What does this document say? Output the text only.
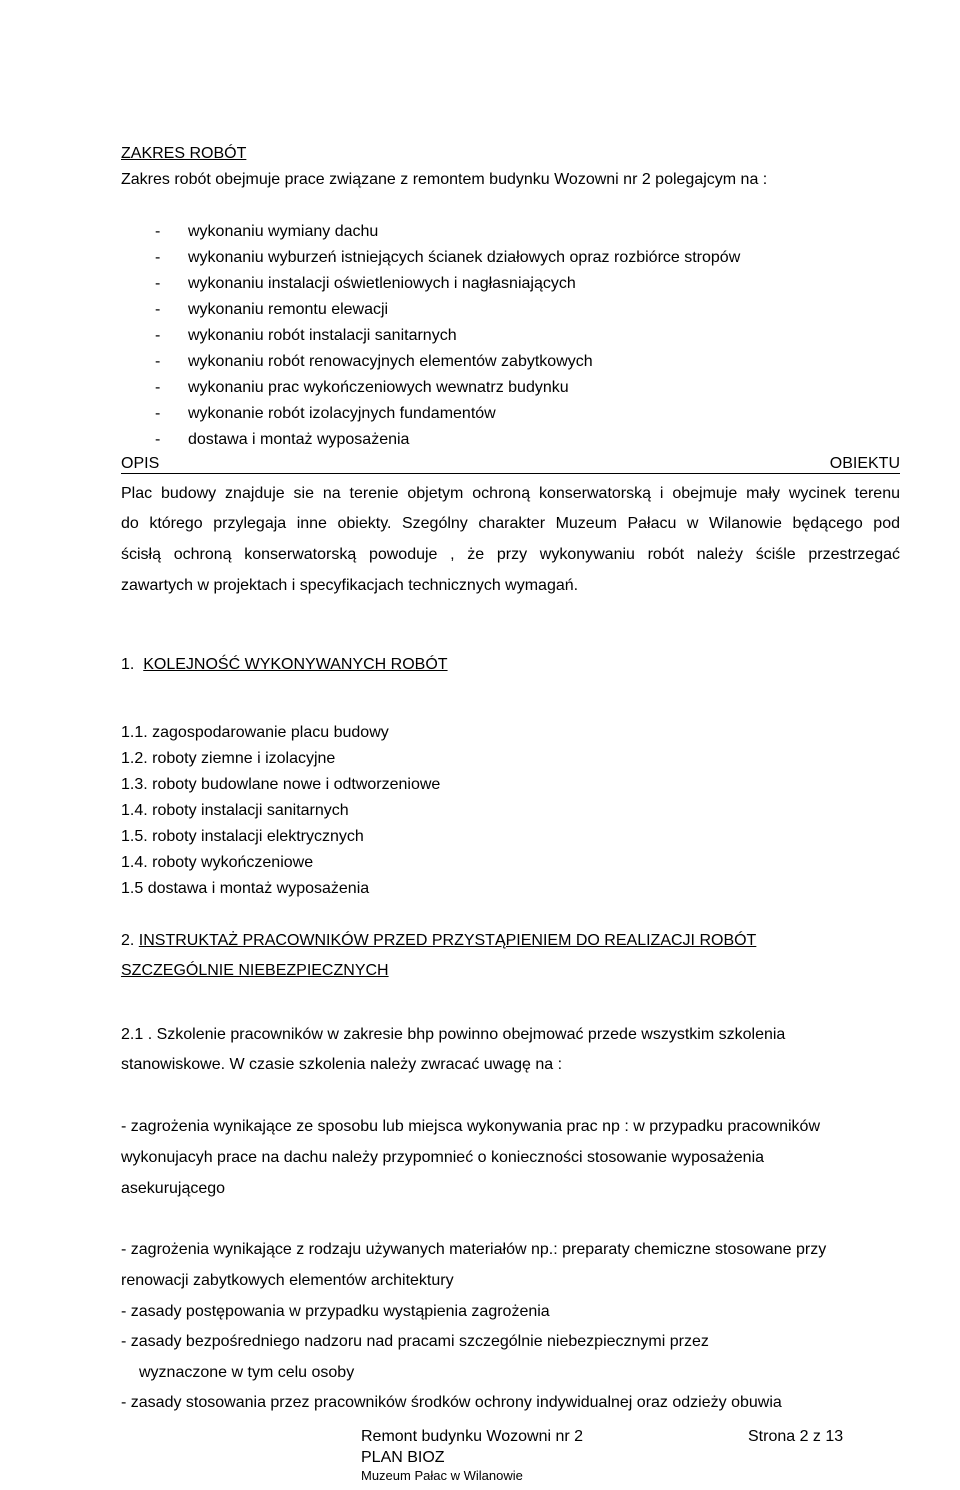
ZAKRES ROBÓT
Zakres robót obejmuje prace związane z remontem budynku Wozowni nr 2 polegajcym na :
- wykonaniu wymiany dachu
- wykonaniu wyburzeń istniejących ścianek działowych opraz rozbiórce stropów
- wykonaniu instalacji oświetleniowych i nagłasniających
- wykonaniu remontu elewacji
- wykonaniu robót instalacji sanitarnych
- wykonaniu robót renowacyjnych elementów zabytkowych
- wykonaniu prac wykończeniowych wewnatrz budynku
- wykonanie robót izolacyjnych fundamentów
- dostawa i montaż wyposażenia
OPIS	OBIEKTU
Plac budowy znajduje sie na terenie objetym ochroną konserwatorską i obejmuje mały wycinek terenu
do którego przylegaja inne obiekty. Szególny charakter Muzeum Pałacu w Wilanowie będącego pod
ścisłą ochroną konserwatorską powoduje , że przy wykonywaniu robót należy ściśle przestrzegać
zawartych w projektach i specyfikacjach technicznych wymagań.
1. KOLEJNOŚĆ WYKONYWANYCH ROBÓT
1.1. zagospodarowanie placu budowy
1.2. roboty ziemne i izolacyjne
1.3. roboty budowlane nowe i odtworzeniowe
1.4. roboty instalacji sanitarnych
1.5. roboty instalacji elektrycznych
1.4. roboty wykończeniowe
1.5 dostawa i montaż wyposażenia
2. INSTRUKTAŻ PRACOWNIKÓW PRZED PRZYSTĄPIENIEM DO REALIZACJI ROBÓT
SZCZEGÓLNIE NIEBEZPIECZNYCH
2.1 . Szkolenie pracowników w zakresie bhp powinno obejmować przede wszystkim szkolenia
stanowiskowe. W czasie szkolenia należy zwracać uwagę na :
- zagrożenia wynikające ze sposobu lub miejsca wykonywania prac np : w przypadku pracowników
wykonujacyh prace na dachu należy przypomnieć o konieczności stosowanie wyposażenia
asekurującego
- zagrożenia wynikające z rodzaju używanych materiałów np.: preparaty chemiczne stosowane przy
renowacji zabytkowych elementów architektury
- zasady postępowania w przypadku wystąpienia zagrożenia
- zasady bezpośredniego nadzoru nad pracami szczególnie niebezpiecznymi przez
wyznaczone w tym celu osoby
- zasady stosowania przez pracowników środków ochrony indywidualnej oraz odzieży obuwia
Remont budynku Wozowni nr 2	Strona 2 z 13
PLAN BIOZ
Muzeum Pałac w Wilanowie
